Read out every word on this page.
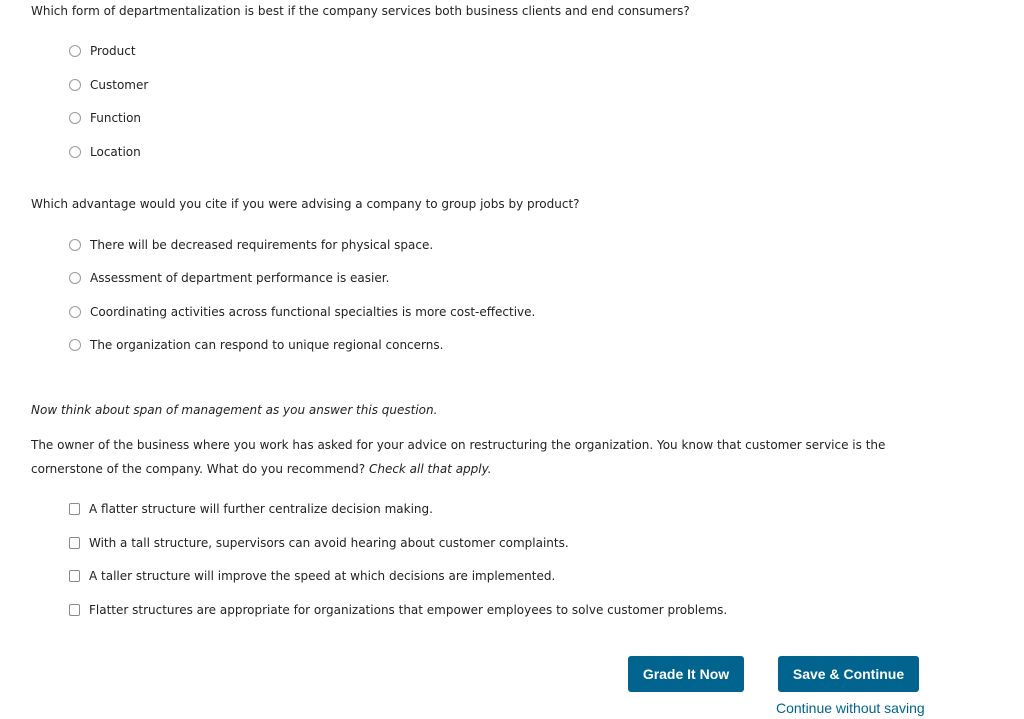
Which form of departmentalization is best if the company services both business clients and end consumers?
Product
Customer
Function
Location
Which advantage would you cite if you were advising a company to group jobs by product?
There will be decreased requirements for physical space.
Assessment of department performance is easier.
Coordinating activities across functional specialties is more cost-effective.
The organization can respond to unique regional concerns.
Now think about span of management as you answer this question.
The owner of the business where you work has asked for your advice on restructuring the organization. You know that customer service is the cornerstone of the company. What do you recommend? Check all that apply.
A flatter structure will further centralize decision making.
With a tall structure, supervisors can avoid hearing about customer complaints.
A taller structure will improve the speed at which decisions are implemented.
Flatter structures are appropriate for organizations that empower employees to solve customer problems.
Grade It Now	Save & Continue
Continue without saving
